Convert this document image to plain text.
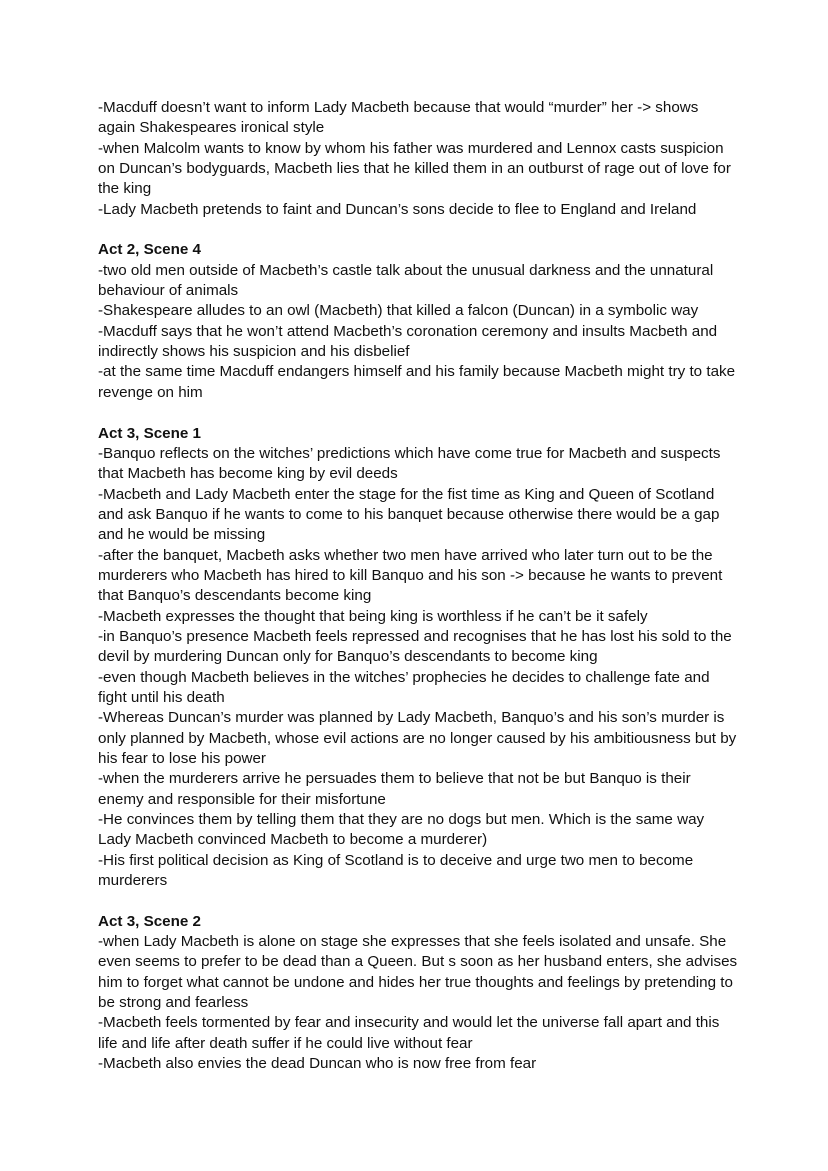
-Macduff doesn’t want to inform Lady Macbeth because that would “murder” her -> shows again Shakespeares ironical style

-when Malcolm wants to know by whom his father was murdered and Lennox casts suspicion on Duncan’s bodyguards, Macbeth lies that he killed them in an outburst of rage out of love for the king

-Lady Macbeth pretends to faint and Duncan’s sons decide to flee to England and Ireland

Act 2, Scene 4

-two old men outside of Macbeth’s castle talk about the unusual darkness and the unnatural behaviour of animals

-Shakespeare alludes to an owl (Macbeth) that killed a falcon (Duncan) in a symbolic way

-Macduff says that he won’t attend Macbeth’s coronation ceremony and insults Macbeth and indirectly shows his suspicion and his disbelief

-at the same time Macduff endangers himself and his family because Macbeth might try to take revenge on him

Act 3, Scene 1

-Banquo reflects on the witches’ predictions which have come true for Macbeth and suspects that Macbeth has become king by evil deeds

-Macbeth and Lady Macbeth enter the stage for the fist time as King and Queen of Scotland and ask Banquo if he wants to come to his banquet because otherwise there would be a gap and he would be missing

-after the banquet, Macbeth asks whether two men have arrived who later turn out to be the murderers who Macbeth has hired to kill Banquo and his son -> because he wants to prevent that Banquo’s descendants become king

-Macbeth expresses the thought that being king is worthless if he can’t be it safely

-in Banquo’s presence Macbeth feels repressed and recognises that he has lost his sold to the devil by murdering Duncan only for Banquo’s descendants to become king

-even though Macbeth believes in the witches’ prophecies he decides to challenge fate and fight until his death

-Whereas Duncan’s murder was planned by Lady Macbeth, Banquo’s and his son’s murder is only planned by Macbeth, whose evil actions are no longer caused by his ambitiousness but by his fear to lose his power

-when the murderers arrive he persuades them to believe that not be but Banquo is their enemy and responsible for their misfortune

-He convinces them by telling them that they are no dogs but men. Which is the same way Lady Macbeth convinced Macbeth to become a murderer)

-His first political decision as King of Scotland is to deceive and urge two men to become murderers

Act 3, Scene 2

-when Lady Macbeth is alone on stage she expresses that she feels isolated and unsafe. She even seems to prefer to be dead than a Queen. But s soon as her husband enters, she advises him to forget what cannot be undone and hides her true thoughts and feelings by pretending to be strong and fearless

-Macbeth feels tormented by fear and insecurity and would let the universe fall apart and this life and life after death suffer if he could live without fear

-Macbeth also envies the dead Duncan who is now free from fear
